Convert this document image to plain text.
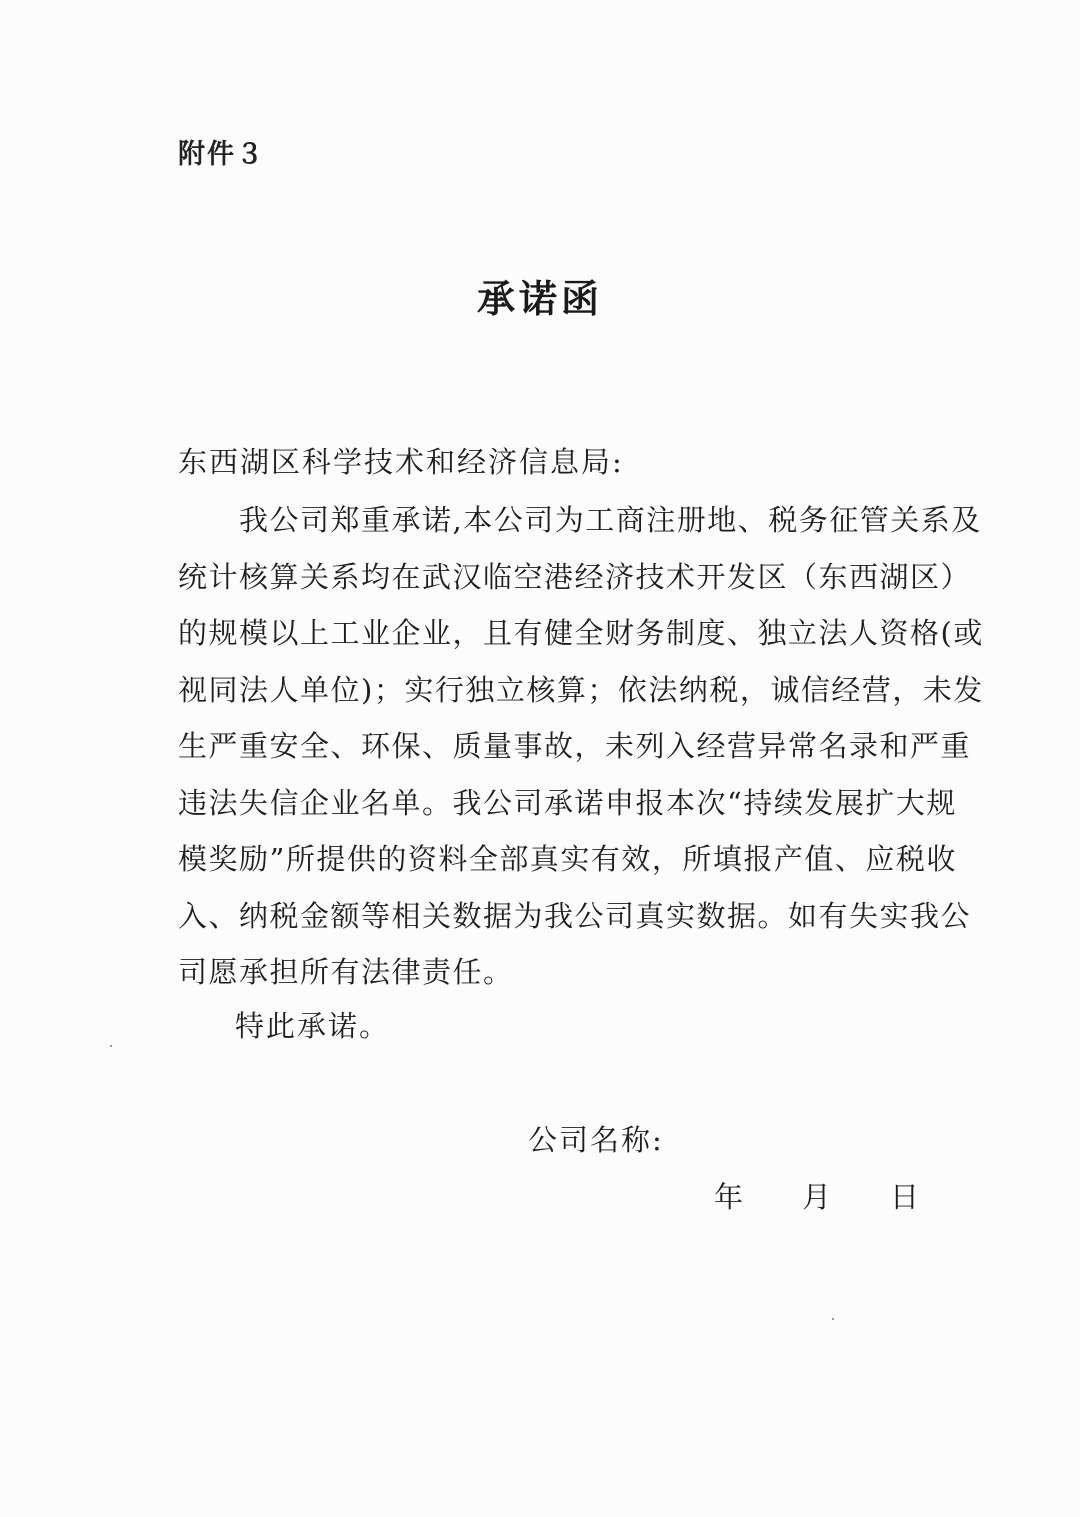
附件３
承诺函
东西湖区科学技术和经济信息局:
　　我公司郑重承诺,本公司为工商注册地、税务征管关系及
统计核算关系均在武汉临空港经济技术开发区（东西湖区）
的规模以上工业企业，且有健全财务制度、独立法人资格(或
视同法人单位)；实行独立核算；依法纳税，诚信经营，未发
生严重安全、环保、质量事故，未列入经营异常名录和严重
违法失信企业名单。我公司承诺申报本次“持续发展扩大规
模奖励”所提供的资料全部真实有效，所填报产值、应税收
入、纳税金额等相关数据为我公司真实数据。如有失实我公
司愿承担所有法律责任。
特此承诺。
公司名称:
年 月 日
